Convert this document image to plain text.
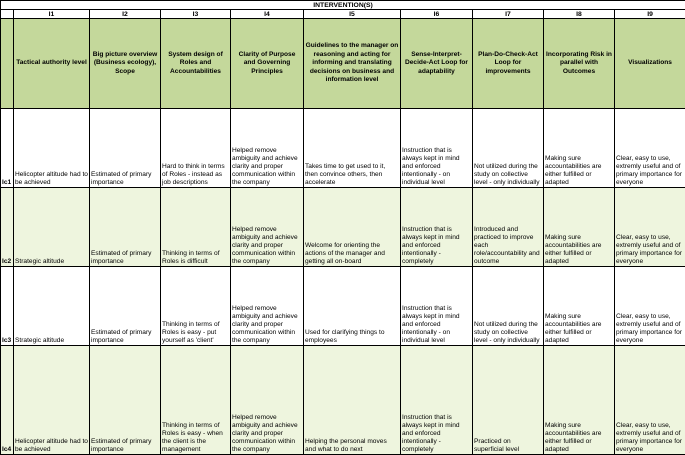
INTERVENTION(S)									
	I1	I2	I3	I4	I5	I6	I7	I8	I9
	Tactical authority level	Big picture overview (Business ecology), Scope	System design of Roles and Accountabilities	Clarity of Purpose and Governing Principles	Guidelines to the manager on reasoning and acting for informing and translating decisions on business and information level	Sense-Interpret-Decide-Act Loop for adaptability	Plan-Do-Check-Act Loop for improvements	Incorporating Risk in parallel with Outcomes	Visualizations
Ic1	Helicopter altitude had to be achieved	Estimated of primary importance	Hard to think in terms of Roles - instead as job descriptions	Helped remove ambiguity and achieve clarity and proper communication within the company	Takes time to get used to it, then convince others, then accelerate	Instruction that is always kept in mind and enforced intentionally - on individual level	Not utilized during the study on collective level - only individually	Making sure accountabilities are either fulfilled or adapted	Clear, easy to use, extremly useful and of primary importance for everyone
Ic2	Strategic altitude	Estimated of primary importance	Thinking in terms of Roles is difficult	Helped remove ambiguity and achieve clarity and proper communication within the company	Welcome for orienting the actions of the manager and getting all on-board	Instruction that is always kept in mind and enforced intentionally - completely	Introduced and practiced to improve each role/accountability and outcome	Making sure accountabilities are either fulfilled or adapted	Clear, easy to use, extremly useful and of primary importance for everyone
Ic3	Strategic altitude	Estimated of primary importance	Thinking in terms of Roles is easy - put yourself as 'client'	Helped remove ambiguity and achieve clarity and proper communication within the company	Used for clarifying things to employees	Instruction that is always kept in mind and enforced intentionally - on individual level	Not utilized during the study on collective level - only individually	Making sure accountabilities are either fulfilled or adapted	Clear, easy to use, extremly useful and of primary importance for everyone
Ic4	Helicopter altitude had to be achieved	Estimated of primary importance	Thinking in terms of Roles is easy - when the client is the management	Helped remove ambiguity and achieve clarity and proper communication within the company	Helping the personal moves and what to do next	Instruction that is always kept in mind and enforced intentionally - completely	Practiced on superficial level	Making sure accountabilities are either fulfilled or adapted	Clear, easy to use, extremly useful and of primary importance for everyone
